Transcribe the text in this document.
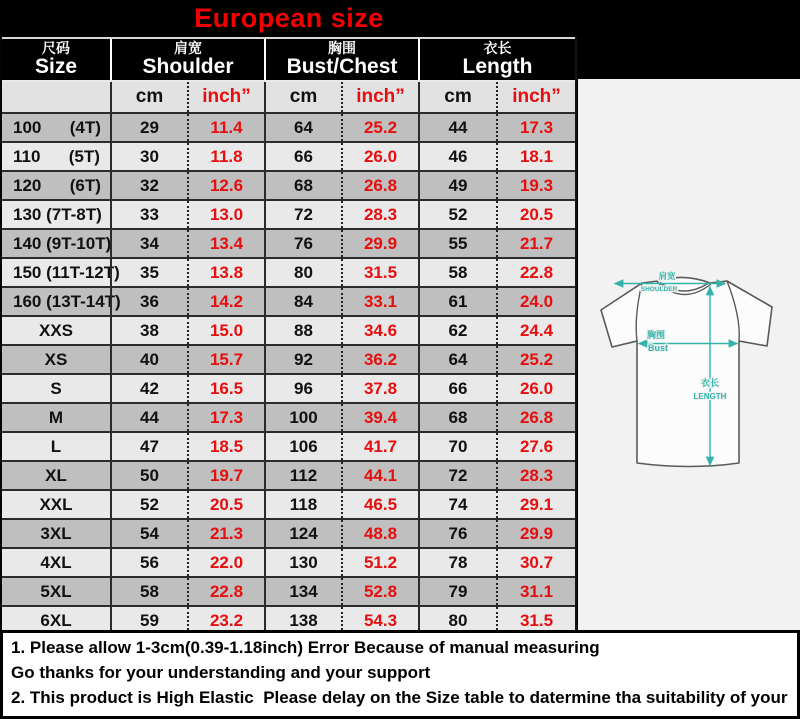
European size
尺码
Size
肩宽
Shoulder
胸围
Bust/Chest
衣长
Length
cm	inch”	cm	inch”	cm	inch”
100      (4T)	29	11.4	64	25.2	44	17.3
110      (5T)	30	11.8	66	26.0	46	18.1
120      (6T)	32	12.6	68	26.8	49	19.3
130 (7T-8T)	33	13.0	72	28.3	52	20.5
140 (9T-10T)	34	13.4	76	29.9	55	21.7
150 (11T-12T)	35	13.8	80	31.5	58	22.8
160 (13T-14T)	36	14.2	84	33.1	61	24.0
XXS	38	15.0	88	34.6	62	24.4
XS	40	15.7	92	36.2	64	25.2
S	42	16.5	96	37.8	66	26.0
M	44	17.3	100	39.4	68	26.8
L	47	18.5	106	41.7	70	27.6
XL	50	19.7	112	44.1	72	28.3
XXL	52	20.5	118	46.5	74	29.1
3XL	54	21.3	124	48.8	76	29.9
4XL	56	22.0	130	51.2	78	30.7
5XL	58	22.8	134	52.8	79	31.1
6XL	59	23.2	138	54.3	80	31.5
肩宽
SHOULDER
胸围
Bust
衣长
LENGTH
1. Please allow 1-3cm(0.39-1.18inch) Error Because of manual measuring
Go thanks for your understanding and your support
2. This product is High Elastic  Please delay on the Size table to datermine tha suitability of your
